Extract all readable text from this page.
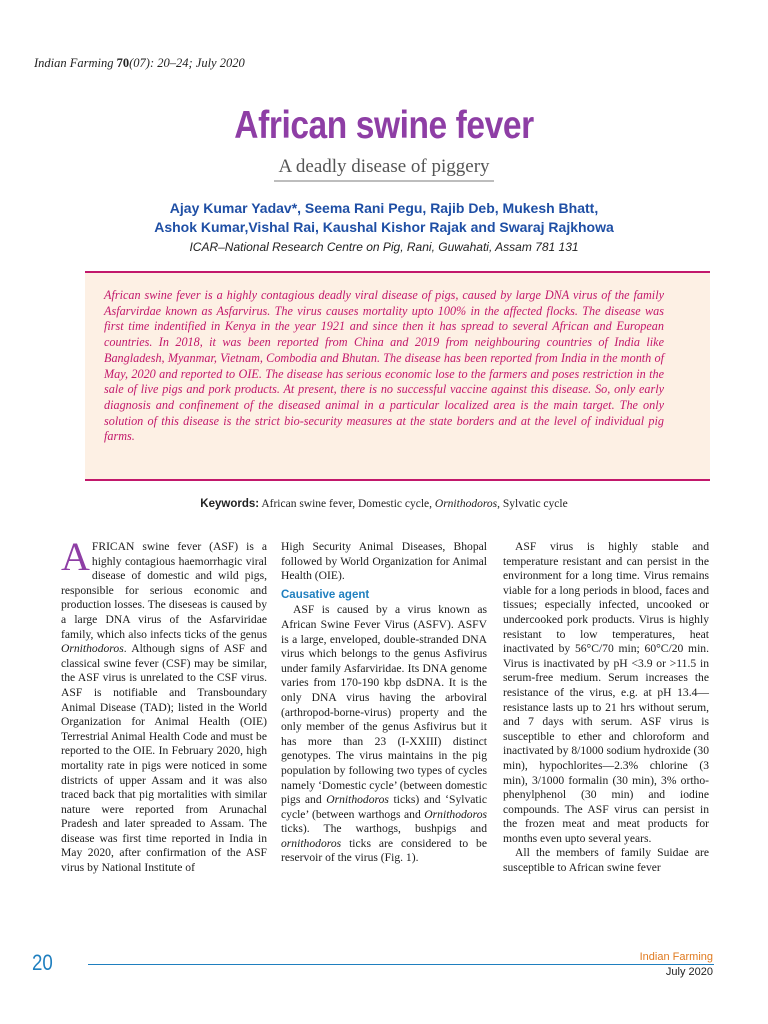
Indian Farming 70(07): 20–24; July 2020
African swine fever
A deadly disease of piggery
Ajay Kumar Yadav*, Seema Rani Pegu, Rajib Deb, Mukesh Bhatt,
Ashok Kumar,Vishal Rai, Kaushal Kishor Rajak and Swaraj Rajkhowa
ICAR–National Research Centre on Pig, Rani, Guwahati, Assam 781 131

African swine fever is a highly contagious deadly viral disease of pigs, caused by large DNA virus of the family Asfarvirdae known as Asfarvirus. The virus causes mortality upto 100% in the affected flocks. The disease was first time indentified in Kenya in the year 1921 and since then it has spread to several African and European countries. In 2018, it was been reported from China and 2019 from neighbouring countries of India like Bangladesh, Myanmar, Vietnam, Combodia and Bhutan. The disease has been reported from India in the month of May, 2020 and reported to OIE. The disease has serious economic lose to the farmers and poses restriction in the sale of live pigs and pork products. At present, there is no successful vaccine against this disease. So, only early diagnosis and confinement of the diseased animal in a particular localized area is the main target. The only solution of this disease is the strict bio-security measures at the state borders and at the level of individual pig farms.

Keywords: African swine fever, Domestic cycle, Ornithodoros, Sylvatic cycle

AFRICAN swine fever (ASF) is a highly contagious haemorrhagic viral disease of domestic and wild pigs, responsible for serious economic and production losses. The diseseas is caused by a large DNA virus of the Asfarviridae family, which also infects ticks of the genus Ornithodoros. Although signs of ASF and classical swine fever (CSF) may be similar, the ASF virus is unrelated to the CSF virus. ASF is notifiable and Transboundary Animal Disease (TAD); listed in the World Organization for Animal Health (OIE) Terrestrial Animal Health Code and must be reported to the OIE. In February 2020, high mortality rate in pigs were noticed in some districts of upper Assam and it was also traced back that pig mortalities with similar nature were reported from Arunachal Pradesh and later spreaded to Assam. The disease was first time reported in India in May 2020, after confirmation of the ASF virus by National Institute of

High Security Animal Diseases, Bhopal followed by World Organization for Animal Health (OIE).

Causative agent

ASF is caused by a virus known as African Swine Fever Virus (ASFV). ASFV is a large, enveloped, double-stranded DNA virus which belongs to the genus Asfivirus under family Asfarviridae. Its DNA genome varies from 170-190 kbp dsDNA. It is the only DNA virus having the arboviral (arthropod-borne-virus) property and the only member of the genus Asfivirus but it has more than 23 (I-XXIII) distinct genotypes. The virus maintains in the pig population by following two types of cycles namely ‘Domestic cycle’ (between domestic pigs and Ornithodoros ticks) and ‘Sylvatic cycle’ (between warthogs and Ornithodoros ticks). The warthogs, bushpigs and ornithodoros ticks are considered to be reservoir of the virus (Fig. 1).

ASF virus is highly stable and temperature resistant and can persist in the environment for a long time. Virus remains viable for a long periods in blood, faces and tissues; especially infected, uncooked or undercooked pork products. Virus is highly resistant to low temperatures, heat inactivated by 56°C/70 min; 60°C/20 min. Virus is inactivated by pH <3.9 or >11.5 in serum-free medium. Serum increases the resistance of the virus, e.g. at pH 13.4—resistance lasts up to 21 hrs without serum, and 7 days with serum. ASF virus is susceptible to ether and chloroform and inactivated by 8/1000 sodium hydroxide (30 min), hypochlorites—2.3% chlorine (3 min), 3/1000 formalin (30 min), 3% ortho-phenylphenol (30 min) and iodine compounds. The ASF virus can persist in the frozen meat and meat products for months even upto several years.

All the members of family Suidae are susceptible to African swine fever

20	Indian Farming
July 2020
